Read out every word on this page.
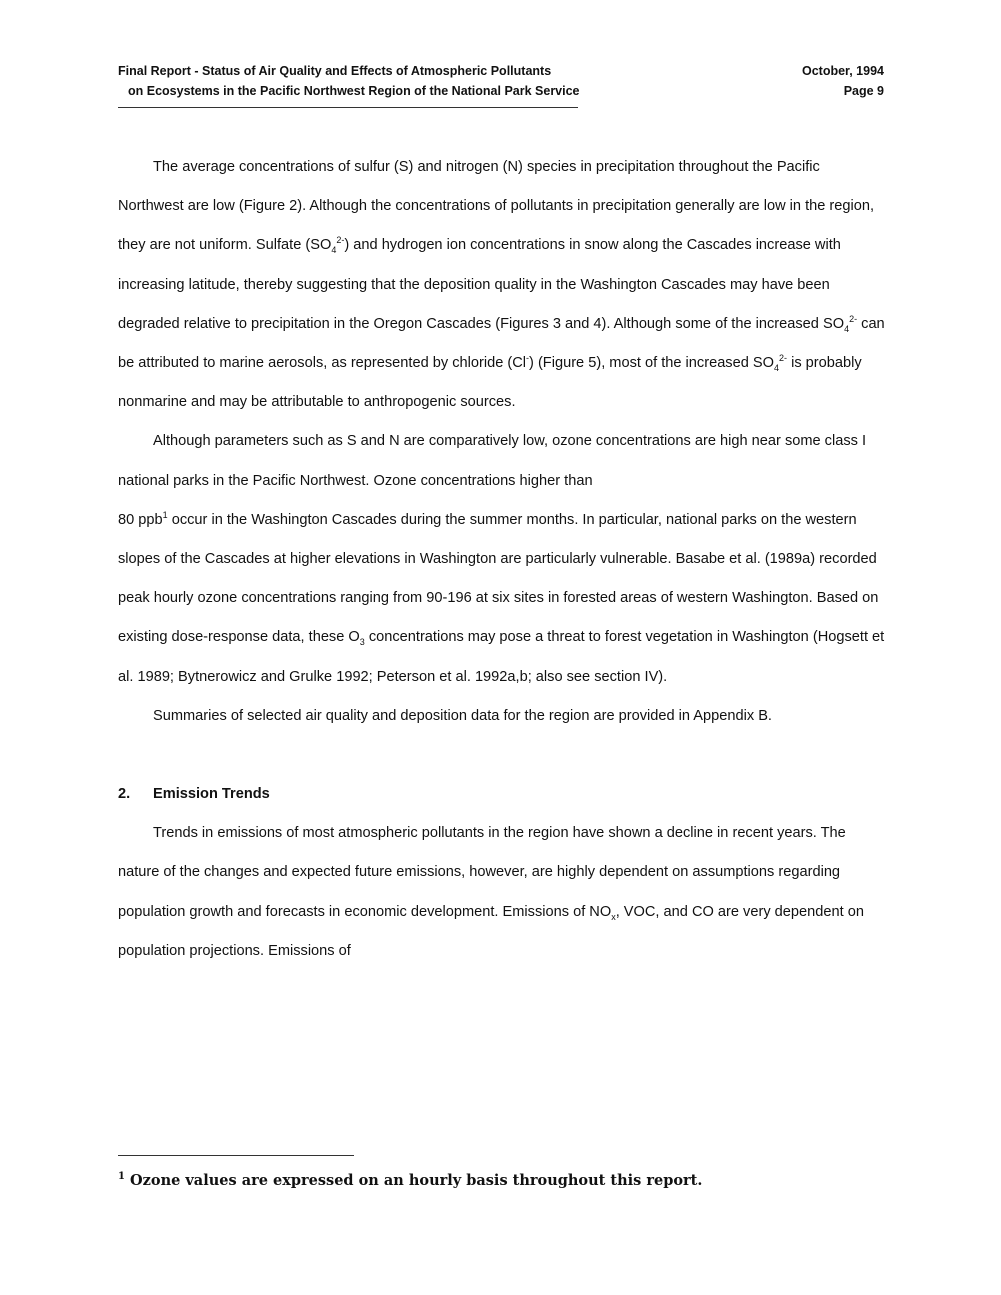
Final Report - Status of Air Quality and Effects of Atmospheric Pollutants
on Ecosystems in the Pacific Northwest Region of the National Park Service
October, 1994
Page 9

The average concentrations of sulfur (S) and nitrogen (N) species in precipitation throughout the Pacific Northwest are low (Figure 2). Although the concentrations of pollutants in precipitation generally are low in the region, they are not uniform. Sulfate $(SO_4^{2-})$ and hydrogen ion concentrations in snow along the Cascades increase with increasing latitude, thereby suggesting that the deposition quality in the Washington Cascades may have been degraded relative to precipitation in the Oregon Cascades (Figures 3 and 4). Although some of the increased $SO_4^{2-}$ can be attributed to marine aerosols, as represented by chloride (Cl-) (Figure 5), most of the increased $SO_4^{2-}$ is probably nonmarine and may be attributable to anthropogenic sources.

Although parameters such as S and N are comparatively low, ozone concentrations are high near some class I national parks in the Pacific Northwest. Ozone concentrations higher than

80 ppb$^1$ occur in the Washington Cascades during the summer months. In particular, national parks on the western slopes of the Cascades at higher elevations in Washington are particularly vulnerable. Basabe et al. (1989a) recorded peak hourly ozone concentrations ranging from 90-196 at six sites in forested areas of western Washington. Based on existing dose-response data, these $O_3$ concentrations may pose a threat to forest vegetation in Washington (Hogsett et al. 1989; Bytnerowicz and Grulke 1992; Peterson et al. 1992a,b; also see section IV).

Summaries of selected air quality and deposition data for the region are provided in Appendix B.

2. Emission Trends

Trends in emissions of most atmospheric pollutants in the region have shown a decline in recent years. The nature of the changes and expected future emissions, however, are highly dependent on assumptions regarding population growth and forecasts in economic development. Emissions of $NO_x$, VOC, and CO are very dependent on population projections. Emissions of

$^1$ Ozone values are expressed on an hourly basis throughout this report.
